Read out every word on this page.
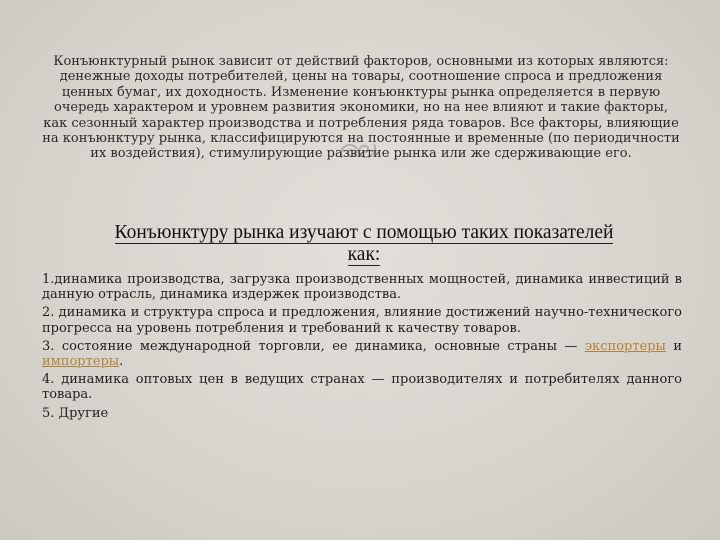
Конъюнктурный рынок зависит от действий факторов, основными из которых являются: денежные доходы потребителей, цены на товары, соотношение спроса и предложения ценных бумаг, их доходность. Изменение конъюнктуры рынка определяется в первую очередь характером и уровнем развития экономики, но на нее влияют и такие факторы, как сезонный характер производства и потребления ряда товаров. Все факторы, влияющие на конъюнктуру рынка, классифицируются на постоянные и временные (по периодичности их воздействия), стимулирующие развитие рынка или же сдерживающие его.
Конъюнктуру рынка изучают с помощью таких показателей
как:
1.динамика производства, загрузка производственных мощностей, динамика инвестиций в данную отрасль, динамика издержек производства.
2. динамика и структура спроса и предложения, влияние достижений научно-технического прогресса на уровень потребления и требований к качеству товаров.
3. состояние международной торговли, ее динамика, основные страны — экспортеры и импортеры.
4. динамика оптовых цен в ведущих странах — производителях и потребителях данного товара.
5. Другие
